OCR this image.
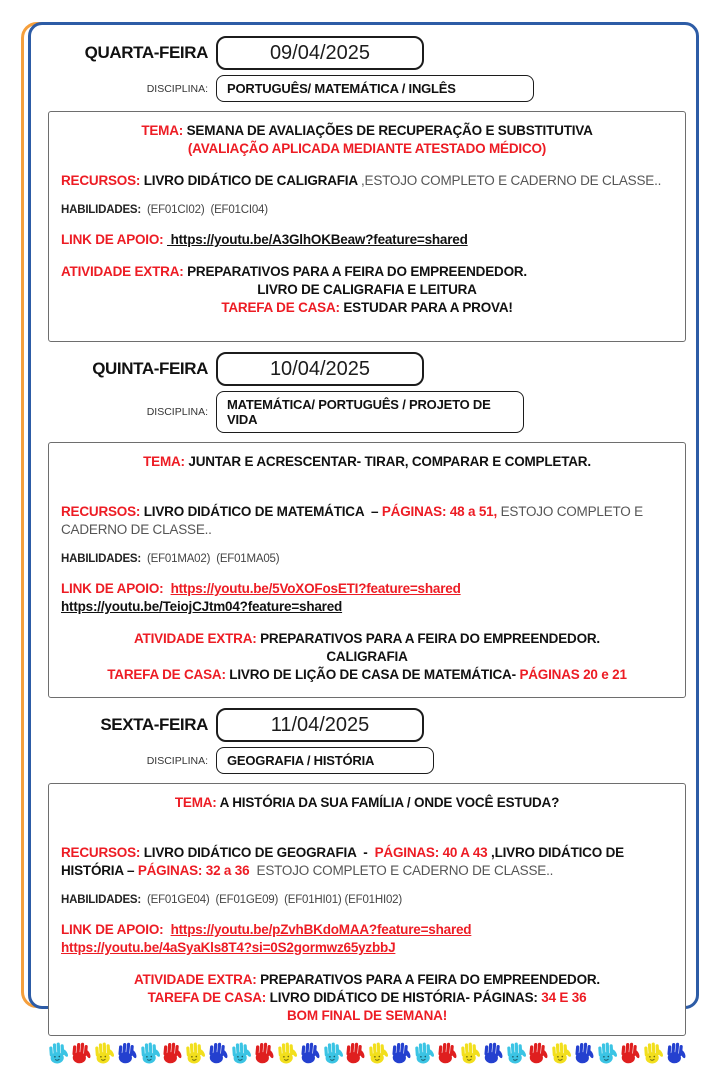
QUARTA-FEIRA	09/04/2025
DISCIPLINA:	PORTUGUÊS/ MATEMÁTICA / INGLÊS
TEMA: SEMANA DE AVALIAÇÕES DE RECUPERAÇÃO E SUBSTITUTIVA
(AVALIAÇÃO APLICADA MEDIANTE ATESTADO MÉDICO)
RECURSOS: LIVRO DIDÁTICO DE CALIGRAFIA ,ESTOJO COMPLETO E CADERNO DE CLASSE..
HABILIDADES:  (EF01CI02)  (EF01CI04)
LINK DE APOIO:  https://youtu.be/A3GlhOKBeaw?feature=shared
ATIVIDADE EXTRA: PREPARATIVOS PARA A FEIRA DO EMPREENDEDOR.
LIVRO DE CALIGRAFIA E LEITURA
TAREFA DE CASA: ESTUDAR PARA A PROVA!
QUINTA-FEIRA	10/04/2025
DISCIPLINA:	MATEMÁTICA/ PORTUGUÊS / PROJETO DE VIDA
TEMA: JUNTAR E ACRESCENTAR- TIRAR, COMPARAR E COMPLETAR.
RECURSOS: LIVRO DIDÁTICO DE MATEMÁTICA  – PÁGINAS: 48 a 51, ESTOJO COMPLETO E CADERNO DE CLASSE..
HABILIDADES:  (EF01MA02)  (EF01MA05)
LINK DE APOIO:  https://youtu.be/5VoXOFosETI?feature=shared
https://youtu.be/TeiojCJtm04?feature=shared
ATIVIDADE EXTRA: PREPARATIVOS PARA A FEIRA DO EMPREENDEDOR.
CALIGRAFIA
TAREFA DE CASA: LIVRO DE LIÇÃO DE CASA DE MATEMÁTICA- PÁGINAS 20 e 21
SEXTA-FEIRA	11/04/2025
DISCIPLINA:	GEOGRAFIA / HISTÓRIA
TEMA: A HISTÓRIA DA SUA FAMÍLIA / ONDE VOCÊ ESTUDA?
RECURSOS: LIVRO DIDÁTICO DE GEOGRAFIA  -  PÁGINAS: 40 A 43 ,LIVRO DIDÁTICO DE HISTÓRIA – PÁGINAS: 32 a 36  ESTOJO COMPLETO E CADERNO DE CLASSE..
HABILIDADES:  (EF01GE04)  (EF01GE09)  (EF01HI01) (EF01HI02)
LINK DE APOIO:  https://youtu.be/pZvhBKdoMAA?feature=shared
https://youtu.be/4aSyaKls8T4?si=0S2gormwz65yzbbJ
ATIVIDADE EXTRA: PREPARATIVOS PARA A FEIRA DO EMPREENDEDOR.
TAREFA DE CASA: LIVRO DIDÁTICO DE HISTÓRIA- PÁGINAS: 34 E 36
BOM FINAL DE SEMANA!
